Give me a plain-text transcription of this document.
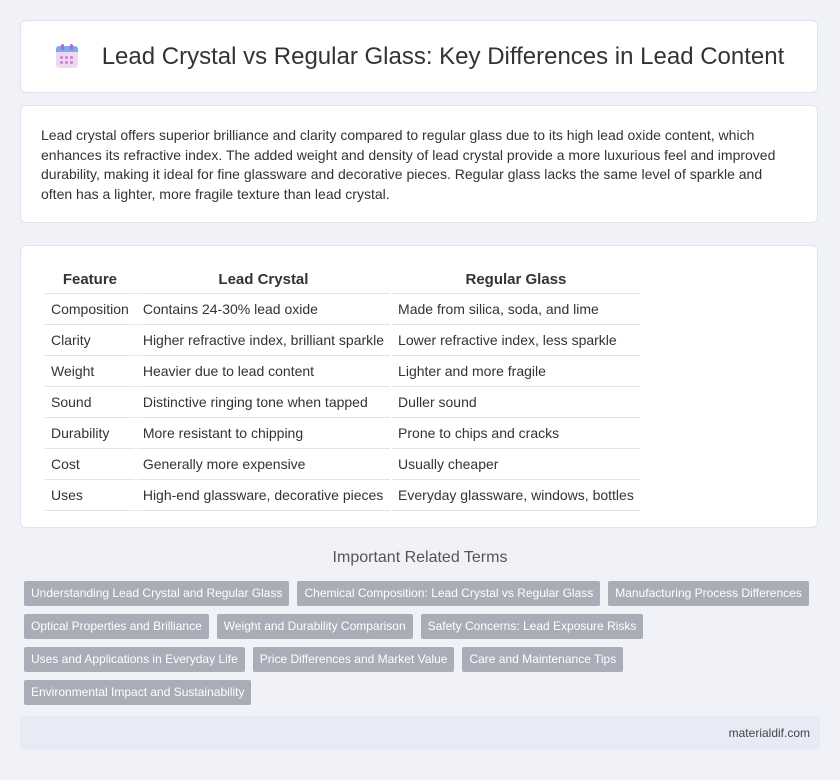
Lead Crystal vs Regular Glass: Key Differences in Lead Content

Lead crystal offers superior brilliance and clarity compared to regular glass due to its high lead oxide content, which enhances its refractive index. The added weight and density of lead crystal provide a more luxurious feel and improved durability, making it ideal for fine glassware and decorative pieces. Regular glass lacks the same level of sparkle and often has a lighter, more fragile texture than lead crystal.

Feature	Lead Crystal	Regular Glass
Composition	Contains 24-30% lead oxide	Made from silica, soda, and lime
Clarity	Higher refractive index, brilliant sparkle	Lower refractive index, less sparkle
Weight	Heavier due to lead content	Lighter and more fragile
Sound	Distinctive ringing tone when tapped	Duller sound
Durability	More resistant to chipping	Prone to chips and cracks
Cost	Generally more expensive	Usually cheaper
Uses	High-end glassware, decorative pieces	Everyday glassware, windows, bottles
Important Related Terms
Understanding Lead Crystal and Regular Glass	Chemical Composition: Lead Crystal vs Regular Glass	Manufacturing Process Differences
Optical Properties and Brilliance	Weight and Durability Comparison	Safety Concerns: Lead Exposure Risks
Uses and Applications in Everyday Life	Price Differences and Market Value	Care and Maintenance Tips
Environmental Impact and Sustainability
materialdif.com
